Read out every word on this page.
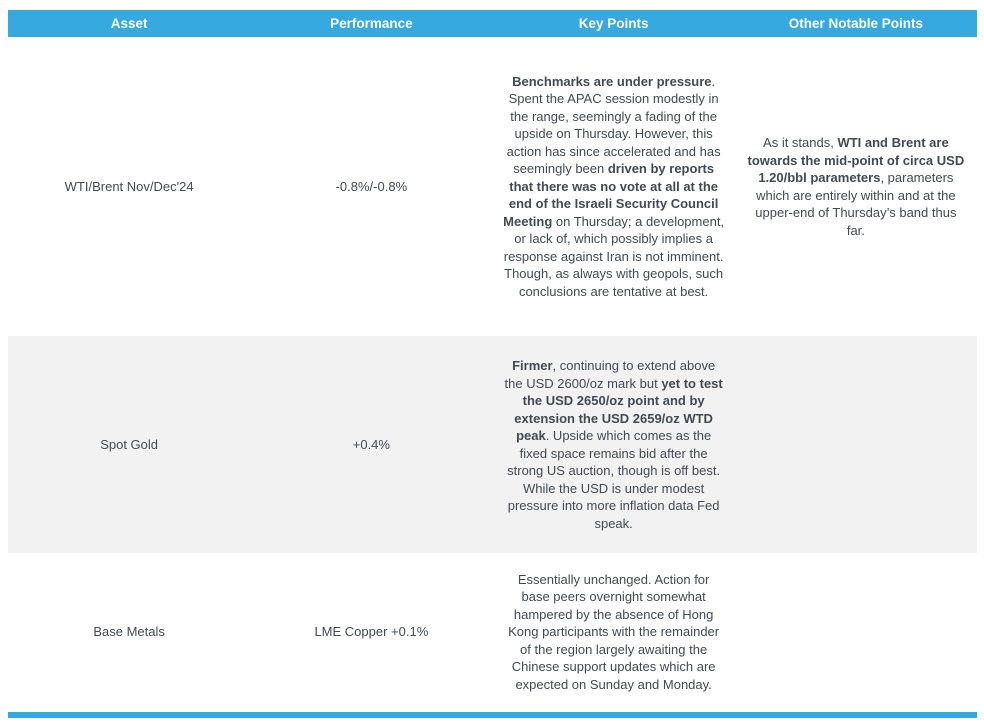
Asset	Performance	Key Points	Other Notable Points
WTI/Brent Nov/Dec'24	-0.8%/-0.8%	Benchmarks are under pressure. Spent the APAC session modestly in the range, seemingly a fading of the upside on Thursday. However, this action has since accelerated and has seemingly been driven by reports that there was no vote at all at the end of the Israeli Security Council Meeting on Thursday; a development, or lack of, which possibly implies a response against Iran is not imminent. Though, as always with geopols, such conclusions are tentative at best.	As it stands, WTI and Brent are towards the mid-point of circa USD 1.20/bbl parameters, parameters which are entirely within and at the upper-end of Thursday’s band thus far.
Spot Gold	+0.4%	Firmer, continuing to extend above the USD 2600/oz mark but yet to test the USD 2650/oz point and by extension the USD 2659/oz WTD peak. Upside which comes as the fixed space remains bid after the strong US auction, though is off best. While the USD is under modest pressure into more inflation data Fed speak.	
Base Metals	LME Copper +0.1%	Essentially unchanged. Action for base peers overnight somewhat hampered by the absence of Hong Kong participants with the remainder of the region largely awaiting the Chinese support updates which are expected on Sunday and Monday.	
